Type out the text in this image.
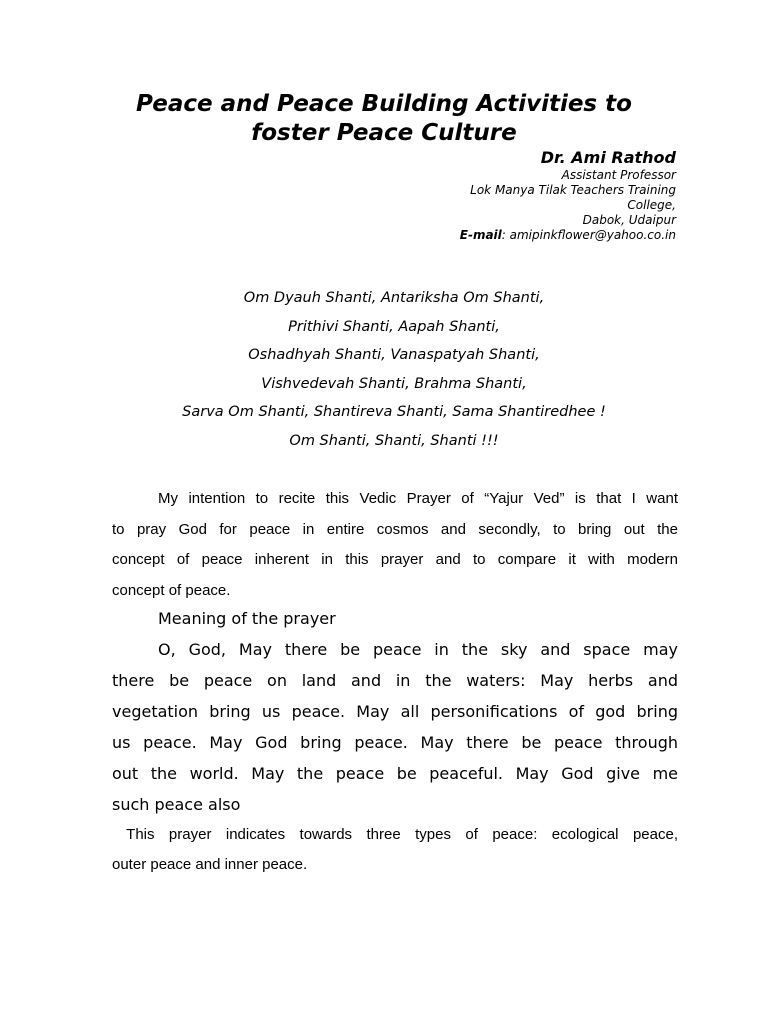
Peace and Peace Building Activities to
foster Peace Culture
Dr. Ami Rathod
Assistant Professor
Lok Manya Tilak Teachers Training
College,
Dabok, Udaipur
E-mail: amipinkflower@yahoo.co.in
Om Dyauh Shanti, Antariksha Om Shanti,
Prithivi Shanti, Aapah Shanti,
Oshadhyah Shanti, Vanaspatyah Shanti,
Vishvedevah Shanti, Brahma Shanti,
Sarva Om Shanti, Shantireva Shanti, Sama Shantiredhee !
Om Shanti, Shanti, Shanti !!!
My intention to recite this Vedic Prayer of “Yajur Ved” is that I want
to pray God for peace in entire cosmos and secondly, to bring out the
concept of peace inherent in this prayer and to compare it with modern
concept of peace.
Meaning of the prayer
O, God, May there be peace in the sky and space may
there be peace on land and in the waters: May herbs and
vegetation bring us peace. May all personifications of god bring
us peace. May God bring peace. May there be peace through
out the world. May the peace be peaceful. May God give me
such peace also
This prayer indicates towards three types of peace: ecological peace,
outer peace and inner peace.
